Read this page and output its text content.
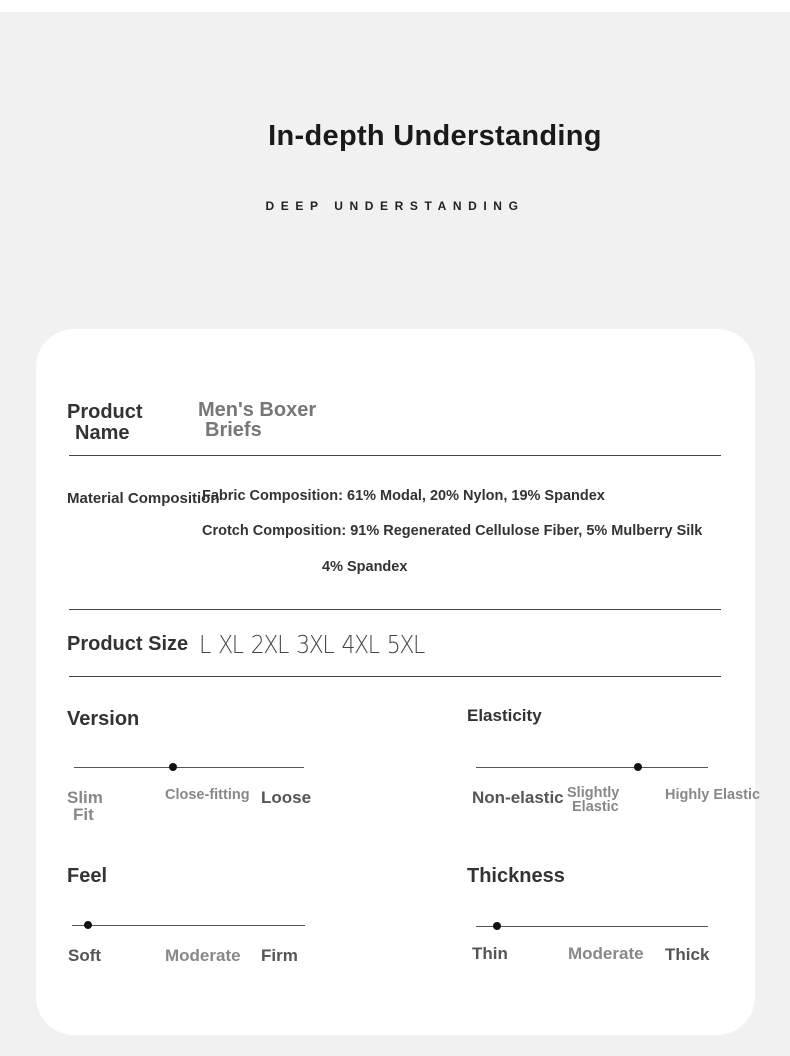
In-depth Understanding
DEEP UNDERSTANDING
Product
Name
Men's Boxer
Briefs
Material Composition
Fabric Composition: 61% Modal, 20% Nylon, 19% Spandex
Crotch Composition: 91% Regenerated Cellulose Fiber, 5% Mulberry Silk
4% Spandex
Product Size L XL 2XL 3XL 4XL 5XL
Version
Slim
Fit
Close-fitting Loose
Elasticity
Non-elastic Slightly
Elastic
Highly Elastic
Feel
Soft	Moderate Firm
Thickness
Thin	Moderate Thick
